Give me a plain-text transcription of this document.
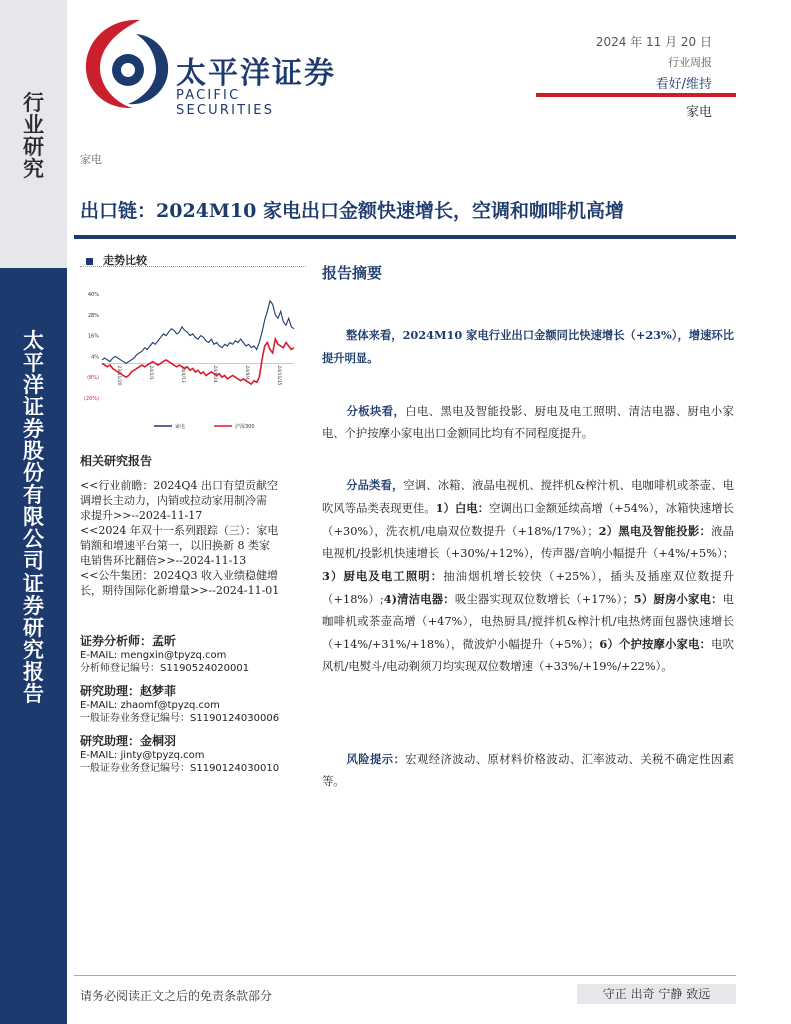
行
业
研
究
太
平
洋
证
券
股
份
有
限
公
司
证
券
研
究
报
告
太平洋证券
PACIFIC SECURITIES
2024 年 11 月 20 日
行业周报
看好/维持
家电
家电
出口链：2024M10 家电出口金额快速增长，空调和咖啡机高增
走势比较
40%
28%
16%
4%
(8%)
(20%)
23/11/20	24/2/1	24/4/13	24/6/24	24/9/4	24/11/15
家电	沪深300
相关研究报告
<<行业前瞻：2024Q4 出口有望贡献空
调增长主动力，内销或拉动家用制冷需
求提升>>--2024-11-17
<<2024 年双十一系列跟踪（三）：家电
销额和增速平台第一，以旧换新 8 类家
电销售环比翻倍>>--2024-11-13
<<公牛集团：2024Q3 收入业绩稳健增
长，期待国际化新增量>>--2024-11-01
证券分析师：孟昕
E-MAIL: mengxin@tpyzq.com
分析师登记编号：S1190524020001
研究助理：赵梦菲
E-MAIL: zhaomf@tpyzq.com
一般证券业务登记编号：S1190124030006
研究助理：金桐羽
E-MAIL: jinty@tpyzq.com
一般证券业务登记编号：S1190124030010
报告摘要
整体来看，2024M10 家电行业出口金额同比快速增长（+23%），增速环比提升明显。
分板块看，白电、黑电及智能投影、厨电及电工照明、清洁电器、厨电小家电、个护按摩小家电出口金额同比均有不同程度提升。
分品类看，空调、冰箱、液晶电视机、搅拌机&榨汁机、电咖啡机或茶壶、电吹风等品类表现更佳。1）白电：空调出口金额延续高增（+54%），冰箱快速增长（+30%），洗衣机/电扇双位数提升（+18%/17%）；2）黑电及智能投影：液晶电视机/投影机快速增长（+30%/+12%），传声器/音响小幅提升（+4%/+5%）；3）厨电及电工照明：抽油烟机增长较快（+25%），插头及插座双位数提升（+18%）;4)清洁电器：吸尘器实现双位数增长（+17%）；5）厨房小家电：电咖啡机或茶壶高增（+47%），电热厨具/搅拌机&榨汁机/电热烤面包器快速增长（+14%/+31%/+18%），微波炉小幅提升（+5%）；6）个护按摩小家电：电吹风机/电熨斗/电动剃须刀均实现双位数增速（+33%/+19%/+22%）。
风险提示：宏观经济波动、原材料价格波动、汇率波动、关税不确定性因素等。
请务必阅读正文之后的免责条款部分	守正 出奇 宁静 致远
